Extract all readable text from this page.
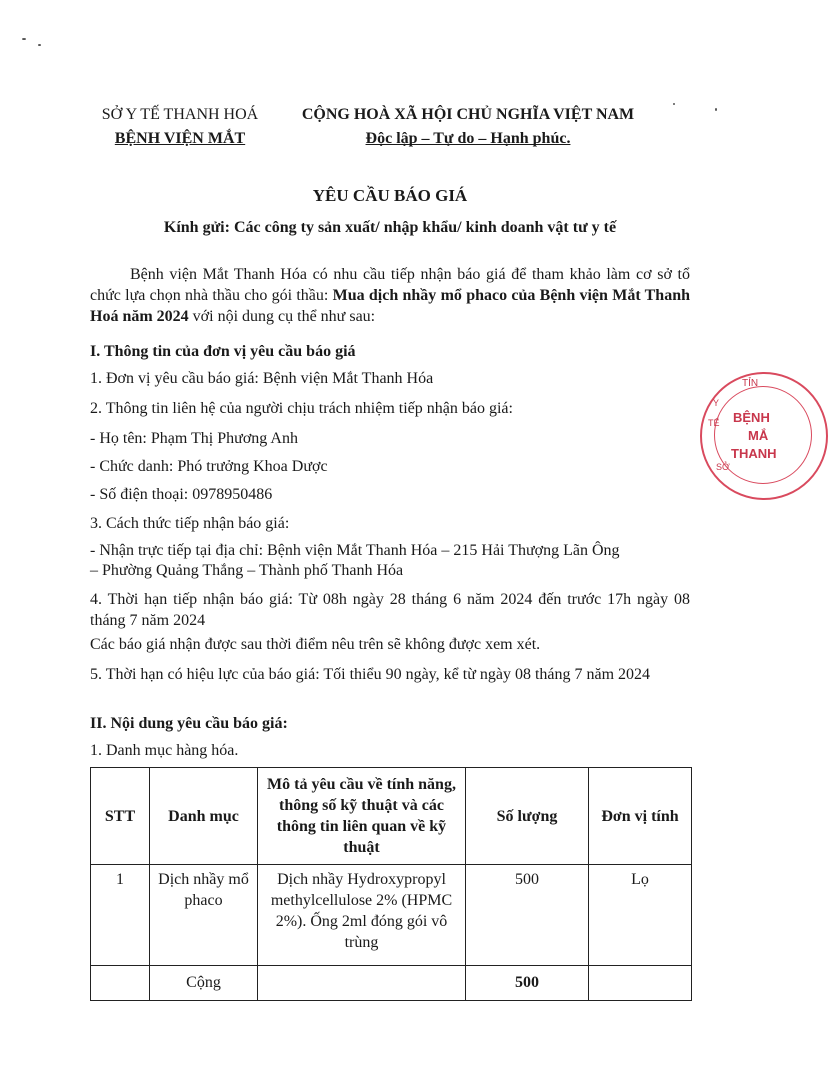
SỞ Y TẾ THANH HOÁ
BỆNH VIỆN MẮT
CỘNG HOÀ XÃ HỘI CHỦ NGHĨA VIỆT NAM
Độc lập – Tự do – Hạnh phúc.
YÊU CẦU BÁO GIÁ
Kính gửi: Các công ty sản xuất/ nhập khẩu/ kinh doanh vật tư y tế
Bệnh viện Mắt Thanh Hóa có nhu cầu tiếp nhận báo giá để tham khảo làm cơ sở tổ chức lựa chọn nhà thầu cho gói thầu: Mua dịch nhầy mổ phaco của Bệnh viện Mắt Thanh Hoá năm 2024 với nội dung cụ thể như sau:
I. Thông tin của đơn vị yêu cầu báo giá
1. Đơn vị yêu cầu báo giá: Bệnh viện Mắt Thanh Hóa
2. Thông tin liên hệ của người chịu trách nhiệm tiếp nhận báo giá:
- Họ tên: Phạm Thị Phương Anh
- Chức danh: Phó trưởng Khoa Dược
- Số điện thoại: 0978950486
3. Cách thức tiếp nhận báo giá:
- Nhận trực tiếp tại địa chỉ: Bệnh viện Mắt Thanh Hóa – 215 Hải Thượng Lãn Ông
– Phường Quảng Thắng – Thành phố Thanh Hóa
4. Thời hạn tiếp nhận báo giá: Từ 08h ngày 28 tháng 6 năm 2024 đến trước 17h ngày 08 tháng 7 năm 2024
Các báo giá nhận được sau thời điểm nêu trên sẽ không được xem xét.
5. Thời hạn có hiệu lực của báo giá: Tối thiểu 90 ngày, kể từ ngày 08 tháng 7 năm 2024
II. Nội dung yêu cầu báo giá:
1. Danh mục hàng hóa.
STT	Danh mục	Mô tả yêu cầu về tính năng, thông số kỹ thuật và các thông tin liên quan về kỹ thuật	Số lượng	Đơn vị tính
1	Dịch nhầy mổ phaco	Dịch nhầy Hydroxypropyl methylcellulose 2% (HPMC 2%). Ống 2ml đóng gói vô trùng	500	Lọ
	Cộng		500	
TỈN
Y
TẾ BỆNH
MẮ
THANH
SỞ
